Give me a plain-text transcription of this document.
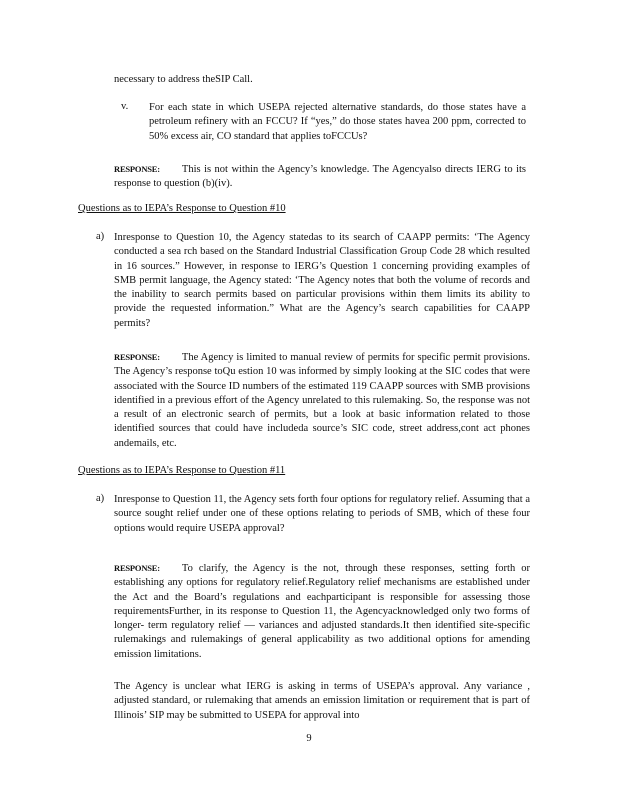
necessary to address theSIP Call.

v. For each state in which USEPA rejected alternative standards, do those states have a petroleum refinery with an FCCU? If “yes,” do those states havea 200 ppm, corrected to 50% excess air, CO standard that applies toFCCUs?

RESPONSE: This is not within the Agency’s knowledge. The Agencyalso directs IERG to its response to question (b)(iv).

Questions as to IEPA’s Response to Question #10

a) Inresponse to Question 10, the Agency statedas to its search of CAAPP permits: ‘The Agency conducted a sea rch based on the Standard Industrial Classification Group Code 28 which resulted in 16 sources.” However, in response to IERG’s Question 1 concerning providing examples of SMB permit language, the Agency stated: ‘The Agency notes that both the volume of records and the inability to search permits based on particular provisions within them limits its ability to provide the requested information.” What are the Agency’s search capabilities for CAAPP permits?

RESPONSE: The Agency is limited to manual review of permits for specific permit provisions. The Agency’s response toQu estion 10 was informed by simply looking at the SIC codes that were associated with the Source ID numbers of the estimated 119 CAAPP sources with SMB provisions identified in a previous effort of the Agency unrelated to this rulemaking. So, the response was not a result of an electronic search of permits, but a look at basic information related to those identified sources that could have includeda source’s SIC code, street address,cont act phones andemails, etc.

Questions as to IEPA’s Response to Question #11

a) Inresponse to Question 11, the Agency sets forth four options for regulatory relief. Assuming that a source sought relief under one of these options relating to periods of SMB, which of these four options would require USEPA approval?

RESPONSE: To clarify, the Agency is the not, through these responses, setting forth or establishing any options for regulatory relief.Regulatory relief mechanisms are established under the Act and the Board’s regulations and eachparticipant is responsible for assessing those requirementsFurther, in its response to Question 11, the Agencyacknowledged only two forms of longer- term regulatory relief — variances and adjusted standards.It then identified site-specific rulemakings and rulemakings of general applicability as two additional options for amending emission limitations.

The Agency is unclear what IERG is asking in terms of USEPA’s approval. Any variance , adjusted standard, or rulemaking that amends an emission limitation or requirement that is part of Illinois’ SIP may be submitted to USEPA for approval into

9
